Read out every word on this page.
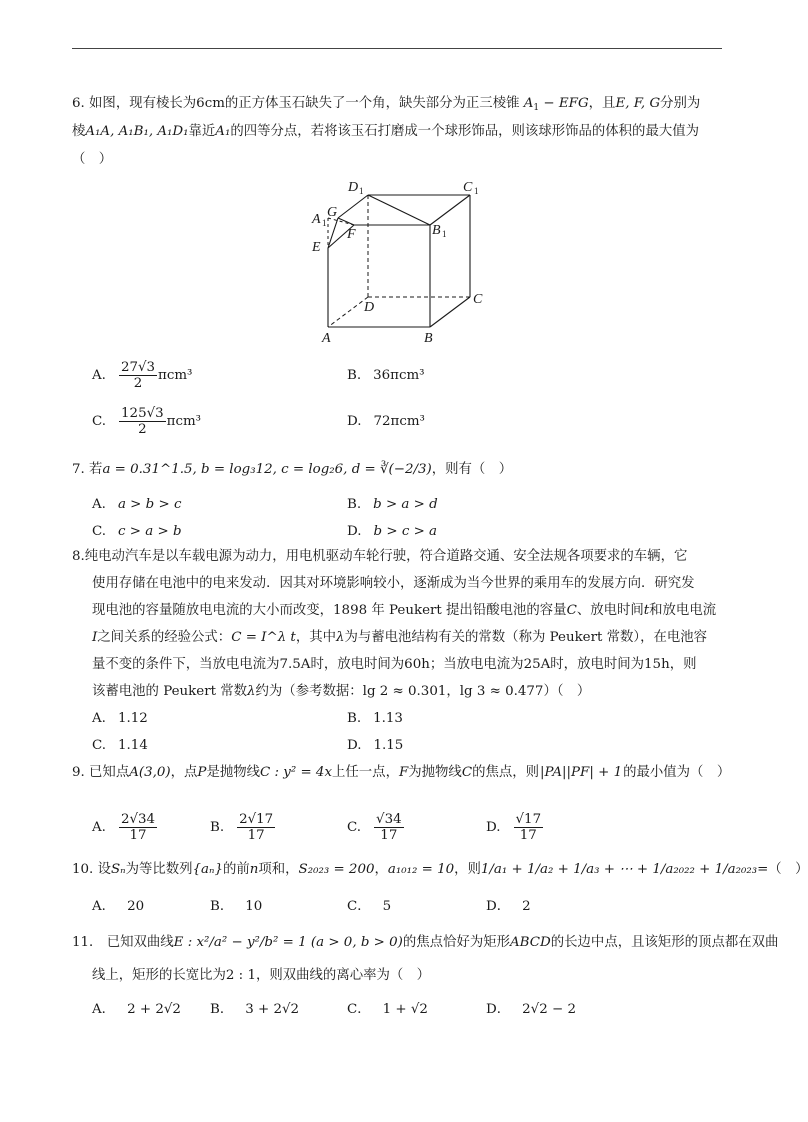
6. 如图，现有棱长为6cm的正方体玉石缺失了一个角，缺失部分为正三棱锥 $A_1$ − EFG，且E, F, G分别为
棱A₁A, A₁B₁, A₁D₁靠近A₁的四等分点，若将该玉石打磨成一个球形饰品，则该球形饰品的体积的最大值为
（　）
D 1	C 1
A 1
G
F
E
B 1
D
C
A	B
A. $\frac{27√3}{2} \pi cm^3$	B. 36πcm³
C. $\frac{125√3}{2} \pi cm^3$	D. 72πcm³
7. 若a = 0.31^1.5, b = log₃12, c = log₂6, d = ∛(−2/3)，则有（　）
A. a > b > c	B. b > a > d
C. c > a > b	D. b > c > a
8.纯电动汽车是以车载电源为动力，用电机驱动车轮行驶，符合道路交通、安全法规各项要求的车辆，它
使用存储在电池中的电来发动．因其对环境影响较小，逐渐成为当今世界的乘用车的发展方向．研究发
现电池的容量随放电电流的大小而改变，1898 年 Peukert 提出铅酸电池的容量C、放电时间t和放电电流
I之间关系的经验公式：C = I^λ t，其中λ为与蓄电池结构有关的常数（称为 Peukert 常数），在电池容
量不变的条件下，当放电电流为7.5A时，放电时间为60h；当放电电流为25A时，放电时间为15h，则
该蓄电池的 Peukert 常数λ约为（参考数据：lg 2 ≈ 0.301，lg 3 ≈ 0.477）（　）
A. 1.12	B. 1.13
C. 1.14	D. 1.15
9. 已知点A(3,0)，点P是抛物线C : y² = 4x上任一点，F为抛物线C的焦点，则|PA||PF| + 1的最小值为（　）
A. $\frac{2√34}{17}$	B. $\frac{2√17}{17}$	C. $\frac{√34}{17}$	D. $\frac{√17}{17}$
10. 设Sₙ为等比数列{aₙ}的前n项和，S₂₀₂₃ = 200，a₁₀₁₂ = 10，则1/a₁ + 1/a₂ + 1/a₃ + ⋯ + 1/a₂₀₂₂ + 1/a₂₀₂₃=（　）
A． 20	B． 10	C． 5	D． 2
11． 已知双曲线E : x²/a² − y²/b² = 1 (a > 0, b > 0)的焦点恰好为矩形ABCD的长边中点，且该矩形的顶点都在双曲
线上，矩形的长宽比为2 : 1，则双曲线的离心率为（　）
A． 2 + 2√2 B． 3 + 2√2	C． 1 + √2	D． 2√2 − 2
